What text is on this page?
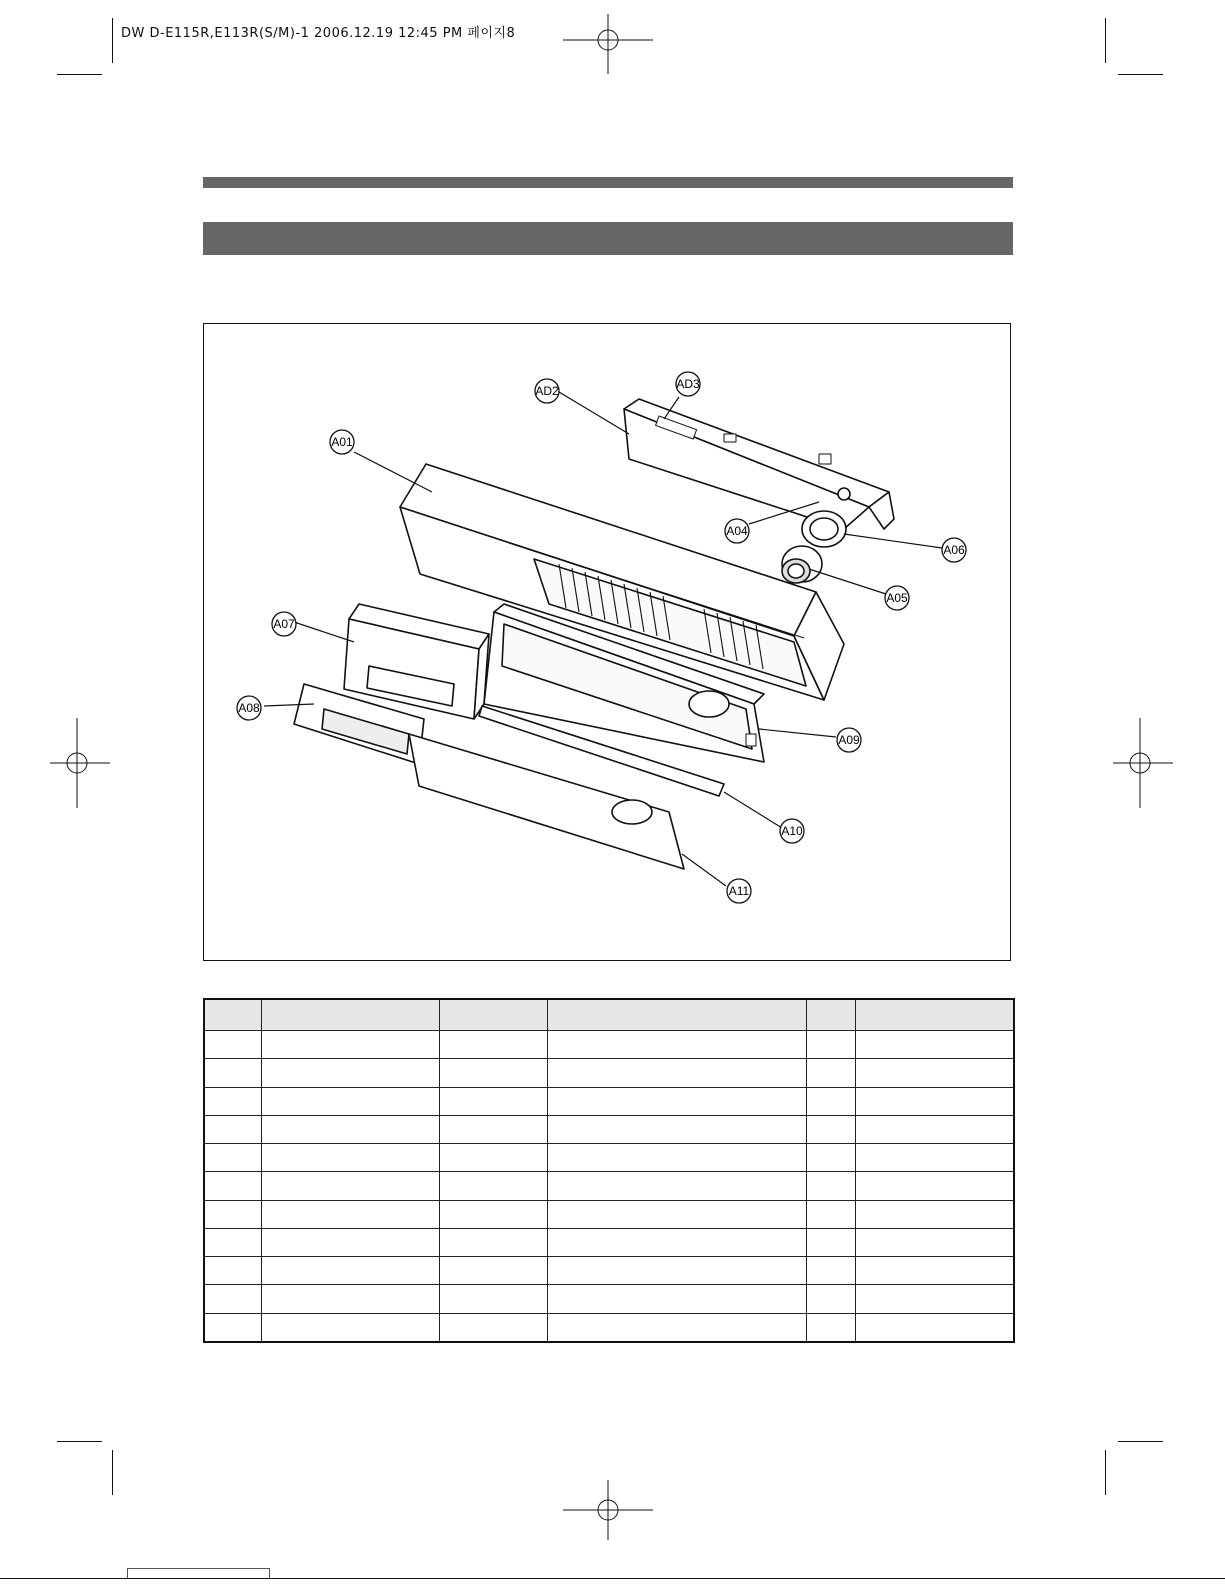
DW D-E115R,E113R(S/M)-1 2006.12.19 12:45 PM 페이지8
A01
AD2	AD3
A04
A05
A06
A07
A08
A09
A10
A11
